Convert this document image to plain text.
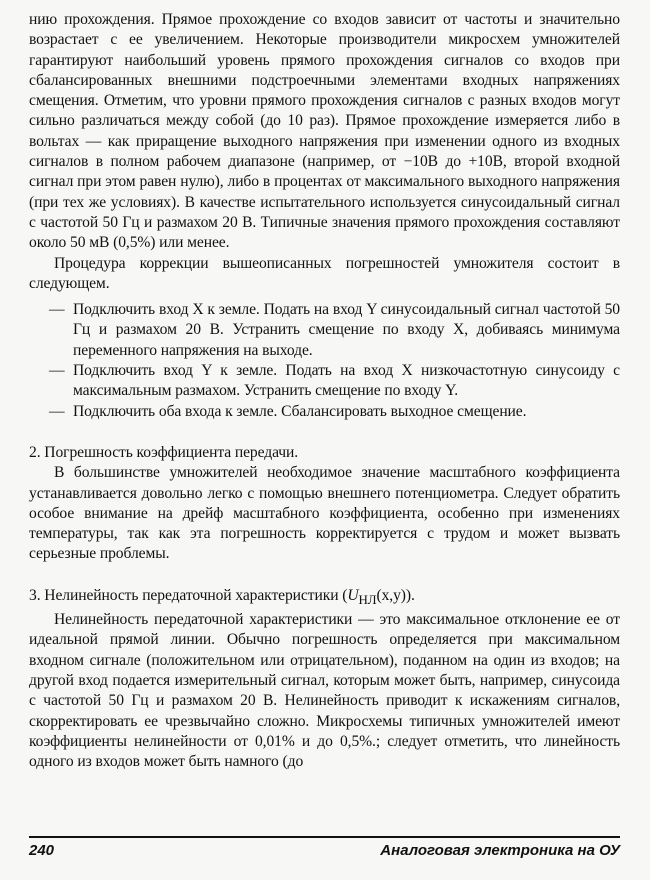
нию прохождения. Прямое прохождение со входов зависит от частоты и значительно возрастает с ее увеличением. Некоторые производители микросхем умножителей гарантируют наибольший уровень прямого прохождения сигналов со входов при сбалансированных внешними подстроечными элементами входных напряжениях смещения. Отметим, что уровни прямого прохождения сигналов с разных входов могут сильно различаться между собой (до 10 раз). Прямое прохождение измеряется либо в вольтах — как приращение выходного напряжения при изменении одного из входных сигналов в полном рабочем диапазоне (например, от −10В до +10В, второй входной сигнал при этом равен нулю), либо в процентах от максимального выходного напряжения (при тех же условиях). В качестве испытательного используется синусоидальный сигнал с частотой 50 Гц и размахом 20 В. Типичные значения прямого прохождения составляют около 50 мВ (0,5%) или менее.

Процедура коррекции вышеописанных погрешностей умножителя состоит в следующем.

— Подключить вход X к земле. Подать на вход Y синусоидальный сигнал частотой 50 Гц и размахом 20 В. Устранить смещение по входу X, добиваясь минимума переменного напряжения на выходе.
— Подключить вход Y к земле. Подать на вход X низкочастотную синусоиду с максимальным размахом. Устранить смещение по входу Y.
— Подключить оба входа к земле. Сбалансировать выходное смещение.

2. Погрешность коэффициента передачи.

В большинстве умножителей необходимое значение масштабного коэффициента устанавливается довольно легко с помощью внешнего потенциометра. Следует обратить особое внимание на дрейф масштабного коэффициента, особенно при изменениях температуры, так как эта погрешность корректируется с трудом и может вызвать серьезные проблемы.

3. Нелинейность передаточной характеристики $(U_{НЛ}(x,y))$.

Нелинейность передаточной характеристики — это максимальное отклонение ее от идеальной прямой линии. Обычно погрешность определяется при максимальном входном сигнале (положительном или отрицательном), поданном на один из входов; на другой вход подается измерительный сигнал, которым может быть, например, синусоида с частотой 50 Гц и размахом 20 В. Нелинейность приводит к искажениям сигналов, скорректировать ее чрезвычайно сложно. Микросхемы типичных умножителей имеют коэффициенты нелинейности от 0,01% и до 0,5%.; следует отметить, что линейность одного из входов может быть намного (до

240	Аналоговая электроника на ОУ
